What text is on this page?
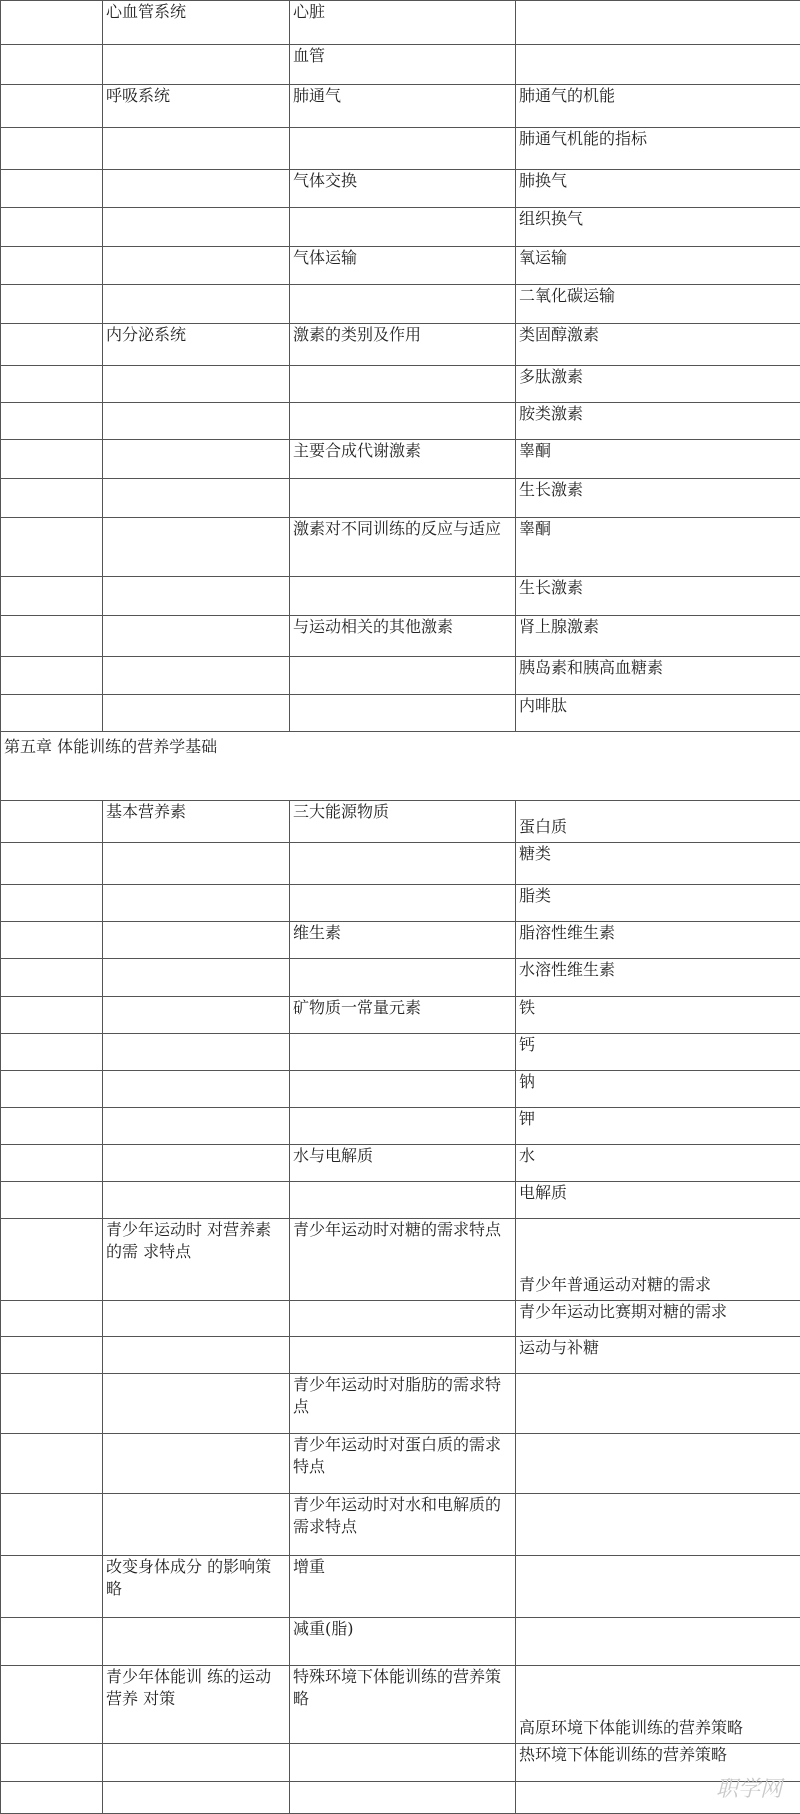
	心血管系统	心脏	
		血管	
	呼吸系统	肺通气	肺通气的机能
			肺通气机能的指标
		气体交换	肺换气
			组织换气
		气体运输	氧运输
			二氧化碳运输
	内分泌系统	激素的类别及作用	类固醇激素
			多肽激素
			胺类激素
		主要合成代谢激素	睾酮
			生长激素
		激素对不同训练的反应与适应	睾酮
			生长激素
		与运动相关的其他激素	肾上腺激素
			胰岛素和胰高血糖素
			内啡肽
第五章 体能训练的营养学基础			
	基本营养素	三大能源物质	蛋白质
			糖类
			脂类
		维生素	脂溶性维生素
			水溶性维生素
		矿物质一常量元素	铁
			钙
			钠
			钾
		水与电解质	水
			电解质
	青少年运动时 对营养素的需 求特点	青少年运动时对糖的需求特点	青少年普通运动对糖的需求
			青少年运动比赛期对糖的需求
			运动与补糖
		青少年运动时对脂肪的需求特点	
		青少年运动时对蛋白质的需求特点	
		青少年运动时对水和电解质的需求特点	
	改变身体成分 的影响策略	增重	
		减重(脂)	
	青少年体能训 练的运动营养 对策	特殊环境下体能训练的营养策略	高原环境下体能训练的营养策略
			热环境下体能训练的营养策略

职学网
